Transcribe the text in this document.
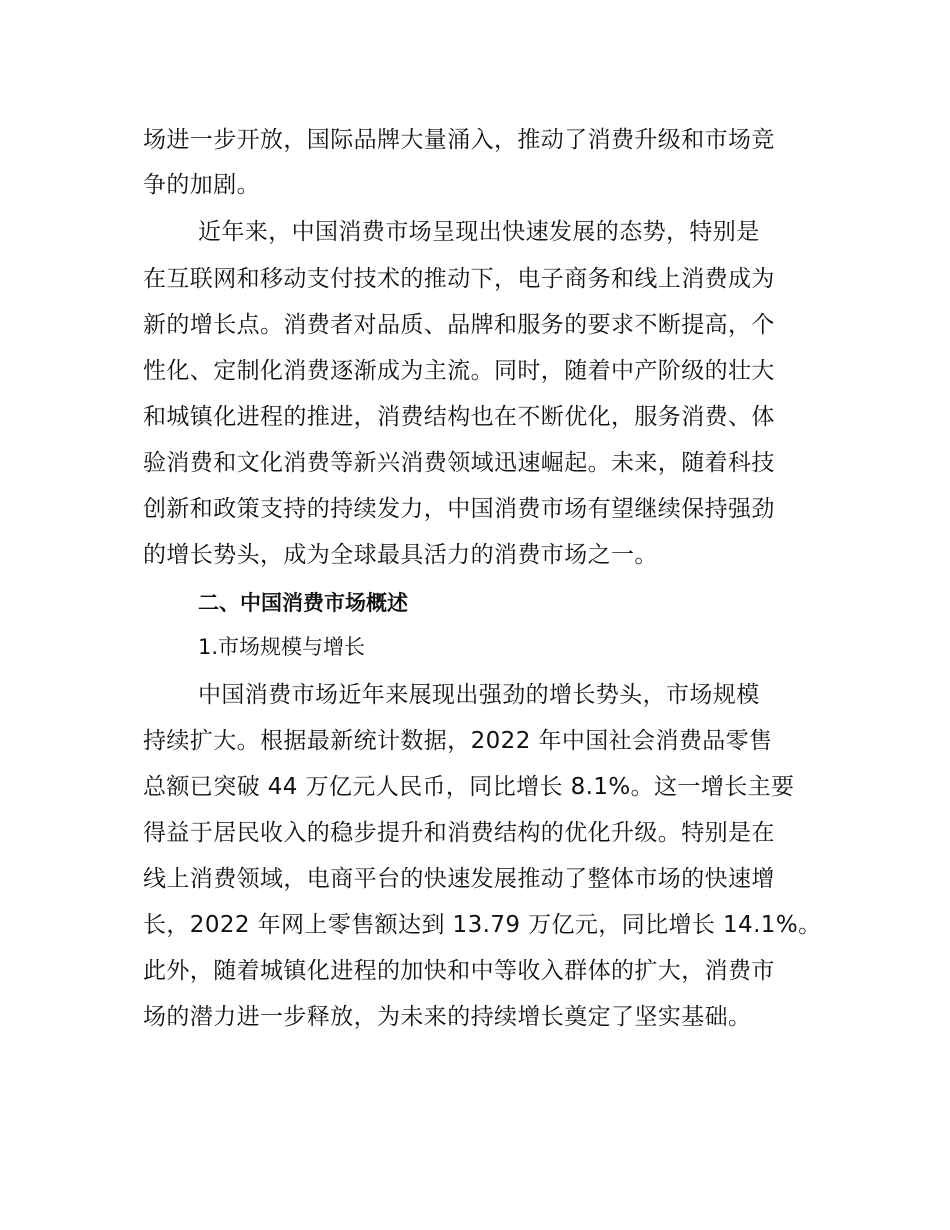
场进一步开放，国际品牌大量涌入，推动了消费升级和市场竞
争的加剧。
近年来，中国消费市场呈现出快速发展的态势，特别是
在互联网和移动支付技术的推动下，电子商务和线上消费成为
新的增长点。消费者对品质、品牌和服务的要求不断提高，个
性化、定制化消费逐渐成为主流。同时，随着中产阶级的壮大
和城镇化进程的推进，消费结构也在不断优化，服务消费、体
验消费和文化消费等新兴消费领域迅速崛起。未来，随着科技
创新和政策支持的持续发力，中国消费市场有望继续保持强劲
的增长势头，成为全球最具活力的消费市场之一。
二、中国消费市场概述
1.市场规模与增长
中国消费市场近年来展现出强劲的增长势头，市场规模
持续扩大。根据最新统计数据，2022 年中国社会消费品零售
总额已突破 44 万亿元人民币，同比增长 8.1%。这一增长主要
得益于居民收入的稳步提升和消费结构的优化升级。特别是在
线上消费领域，电商平台的快速发展推动了整体市场的快速增
长，2022 年网上零售额达到 13.79 万亿元，同比增长 14.1%。
此外，随着城镇化进程的加快和中等收入群体的扩大，消费市
场的潜力进一步释放，为未来的持续增长奠定了坚实基础。
